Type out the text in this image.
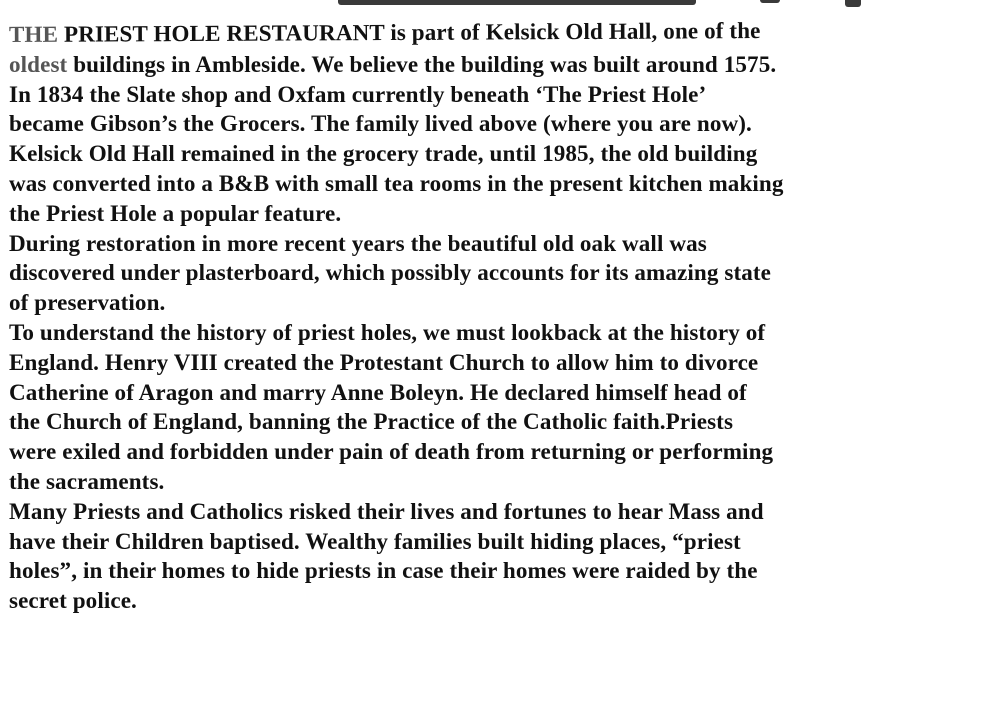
THE PRIEST HOLE RESTAURANT is part of Kelsick Old Hall, one of the
oldest buildings in Ambleside. We believe the building was built around 1575.
In 1834 the Slate shop and Oxfam currently beneath ‘The Priest Hole’
became Gibson’s the Grocers. The family lived above (where you are now).
Kelsick Old Hall remained in the grocery trade, until 1985, the old building
was converted into a B&B with small tea rooms in the present kitchen making
the Priest Hole a popular feature.
During restoration in more recent years the beautiful old oak wall was
discovered under plasterboard, which possibly accounts for its amazing state
of preservation.
To understand the history of priest holes, we must lookback at the history of
England. Henry VIII created the Protestant Church to allow him to divorce
Catherine of Aragon and marry Anne Boleyn. He declared himself head of
the Church of England, banning the Practice of the Catholic faith.Priests
were exiled and forbidden under pain of death from returning or performing
the sacraments.
Many Priests and Catholics risked their lives and fortunes to hear Mass and
have their Children baptised. Wealthy families built hiding places, “priest
holes”, in their homes to hide priests in case their homes were raided by the
secret police.
